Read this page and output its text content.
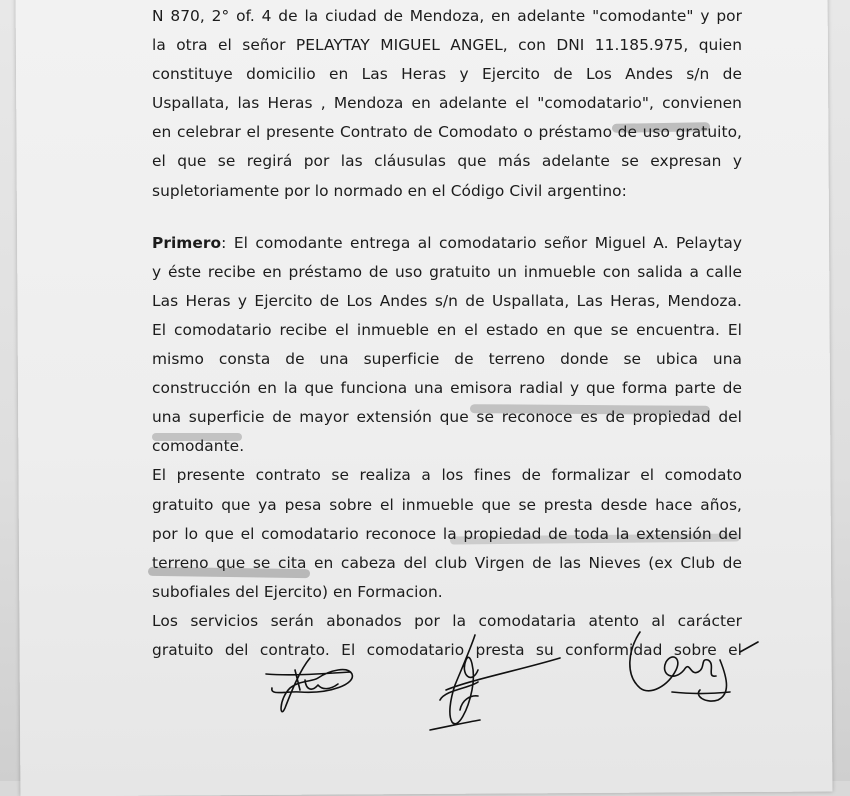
N 870, 2° of. 4 de la ciudad de Mendoza, en adelante "comodante" y por
la otra el señor PELAYTAY MIGUEL ANGEL, con DNI 11.185.975, quien
constituye domicilio en Las Heras y Ejercito de Los Andes s/n de
Uspallata, las Heras , Mendoza en adelante el "comodatario", convienen
en celebrar el presente Contrato de Comodato o préstamo de uso gratuito,
el que se regirá por las cláusulas que más adelante se expresan y
supletoriamente por lo normado en el Código Civil argentino:

Primero: El comodante entrega al comodatario señor Miguel A. Pelaytay
y éste recibe en préstamo de uso gratuito un inmueble con salida a calle
Las Heras y Ejercito de Los Andes s/n de Uspallata, Las Heras, Mendoza.
El comodatario recibe el inmueble en el estado en que se encuentra. El
mismo consta de una superficie de terreno donde se ubica una
construcción en la que funciona una emisora radial y que forma parte de
una superficie de mayor extensión que se reconoce es de propiedad del
comodante.

El presente contrato se realiza a los fines de formalizar el comodato
gratuito que ya pesa sobre el inmueble que se presta desde hace años,
por lo que el comodatario reconoce la propiedad de toda la extensión del
terreno que se cita en cabeza del club Virgen de las Nieves (ex Club de
subofiales del Ejercito) en Formacion.

Los servicios serán abonados por la comodataria atento al carácter
gratuito del contrato. El comodatario presta su conformidad sobre el
